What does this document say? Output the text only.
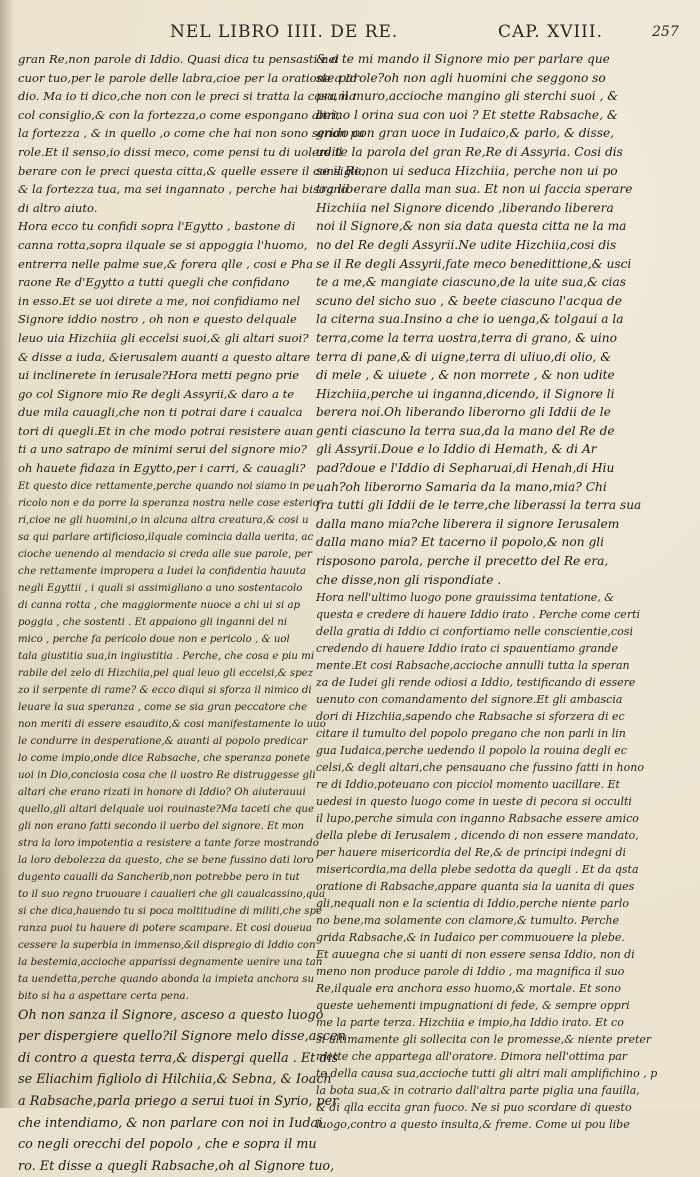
NEL LIBRO IIII. DE RE.	CAP. XVIII.	257

gran Re,non parole di Iddio. Quasi dica tu pensasti nel
cuor tuo,per le parole delle labra,cioe per la oratione a Id
dio. Ma io ti dico,che non con le preci si tratta la cosa,ma
col consiglio,& con la fortezza,o come espongano altri,
la fortezza , & in quello ,o come che hai non sono senon pa
role.Et il senso,io dissi meco, come pensi tu di uolere il
berare con le preci questa citta,& quelle essere il consiglio,
& la fortezza tua, ma sei ingannato , perche hai bisogno
di altro aiuto.
Hora ecco tu confidi sopra l'Egytto , bastone di
canna rotta,sopra ilquale se si appoggia l'huomo,
entrerra nelle palme sue,& forera qlle , cosi e Pha
raone Re d'Egytto a tutti quegli che confidano
in esso.Et se uoi direte a me, noi confidiamo nel
Signore iddio nostro , oh non e questo delquale
leuo uia Hizchiia gli eccelsi suoi,& gli altari suoi?
& disse a iuda, &ierusalem auanti a questo altare
ui inclinerete in ierusale?Hora metti pegno prie
go col Signore mio Re degli Assyrii,& daro a te
due mila cauagli,che non ti potrai dare i caualca
tori di quegli.Et in che modo potrai resistere auan
ti a uno satrapo de minimi serui del signore mio?
oh hauete fidaza in Egytto,per i carri, & cauagli?

Et questo dice rettamente,perche quando noi siamo in pe
ricolo non e da porre la speranza nostra nelle cose esterio
ri,cioe ne gli huomini,o in alcuna altra creatura,& cosi u
sa qui parlare artificioso,ilquale comincia dalla uerita, ac
cioche uenendo al mendacio si creda alle sue parole, per
che rettamente impropera a Iudei la confidentia hauuta
negli Egyttii , i quali si assimigliano a uno sostentacolo
di canna rotta , che maggiormente nuoce a chi ui si ap
poggia , che sostenti . Et appaiono gli inganni del ni
mico , perche fa pericolo doue non e pericolo , & uol
tala giustitia sua,in ingiustitia . Perche, che cosa e piu mi
rabile del zelo di Hizchiia,pel qual leuo gli eccelsi,& spez
zo il serpente di rame? & ecco diqui si sforza il nimico di
leuare la sua speranza , come se sia gran peccatore che
non meriti di essere esaudito,& cosi manifestamente lo uuo
le condurre in desperatione,& auanti al popolo predicar
lo come impio,onde dice Rabsache, che speranza ponete
uoi in Dio,conciosia cosa che il uostro Re distruggesse gli
altari che erano rizati in honore di Iddio? Oh aiuterauui
quello,gli altari delquale uoi rouinaste?Ma taceti che que
gli non erano fatti secondo il uerbo del signore. Et mon
stra la loro impotentia a resistere a tante forze mostrando
la loro debolezza da questo, che se bene fussino dati loro
dugento caualli da Sancherib,non potrebbe pero in tut
to il suo regno truouare i caualieri che gli caualcassino,qua
si che dica,hauendo tu si poca moltitudine di militi,che spe
ranza puoi tu hauere di potere scampare. Et cosi doueua
cessere la superbia in immenso,&il dispregio di Iddio con
la bestemia,accioche apparissi degnamente uenire una tan
ta uendetta,perche quando abonda la impieta anchora su
bito si ha a aspettare certa pena.

Oh non sanza il Signore, asceso a questo luogo
per dispergiere quello?il Signore melo disse,ascen
di contro a questa terra,& dispergi quella . Et dis
se Eliachim figliolo di Hilchiia,& Sebna, & Ioach
a Rabsache,parla priego a serui tuoi in Syrio, per
che intendiamo, & non parlare con noi in Iudai
co negli orecchi del popolo , che e sopra il mu
ro. Et disse a quegli Rabsache,oh al Signore tuo,

& a te mi mando il Signore mio per parlare que
ste parole?oh non agli huomini che seggono so
pra il muro,accioche mangino gli sterchi suoi , &
beino l orina sua con uoi ? Et stette Rabsache, &
grido con gran uoce in Iudaico,& parlo, & disse,
udite la parola del gran Re,Re di Assyria. Cosi dis
se il Re,non ui seduca Hizchiia, perche non ui po
tra liberare dalla man sua. Et non ui faccia sperare
Hizchiia nel Signore dicendo ,liberando liberera
noi il Signore,& non sia data questa citta ne la ma
no del Re degli Assyrii.Ne udite Hizchiia,cosi dis
se il Re degli Assyrii,fate meco benedittione,& usci
te a me,& mangiate ciascuno,de la uite sua,& cias
scuno del sicho suo , & beete ciascuno l'acqua de
la citerna sua.Insino a che io uenga,& tolgaui a la
terra,come la terra uostra,terra di grano, & uino
terra di pane,& di uigne,terra di uliuo,di olio, &
di mele , & uiuete , & non morrete , & non udite
Hizchiia,perche ui inganna,dicendo, il Signore li
berera noi.Oh liberando liberorno gli Iddii de le
genti ciascuno la terra sua,da la mano del Re de
gli Assyrii.Doue e lo Iddio di Hemath, & di Ar
pad?doue e l'Iddio di Sepharuai,di Henah,di Hiu
uah?oh liberorno Samaria da la mano,mia? Chi
fra tutti gli Iddii de le terre,che liberassi la terra sua
dalla mano mia?che liberera il signore Ierusalem
dalla mano mia? Et tacerno il popolo,& non gli
risposono parola, perche il precetto del Re era,
che disse,non gli rispondiate .

Hora nell'ultimo luogo pone grauissima tentatione, &
questa e credere di hauere Iddio irato . Perche come certi
della gratia di Iddio ci confortiamo nelle conscientie,cosi
credendo di hauere Iddio irato ci spauentiamo grande
mente.Et cosi Rabsache,accioche annulli tutta la speran
za de Iudei gli rende odiosi a Iddio, testificando di essere
uenuto con comandamento del signore.Et gli ambascia
dori di Hizchiia,sapendo che Rabsache si sforzera di ec
citare il tumulto del popolo pregano che non parli in lin
gua Iudaica,perche uedendo il popolo la rouina degli ec
celsi,& degli altari,che pensauano che fussino fatti in hono
re di Iddio,poteuano con picciol momento uacillare. Et
uedesi in questo luogo come in ueste di pecora si occulti
il lupo,perche simula con inganno Rabsache essere amico
della plebe di Ierusalem , dicendo di non essere mandato,
per hauere misericordia del Re,& de principi indegni di
misericordia,ma della plebe sedotta da quegli . Et da qsta
oratione di Rabsache,appare quanta sia la uanita di ques
gli,nequali non e la scientia di Iddio,perche niente parlo
no bene,ma solamente con clamore,& tumulto. Perche
grida Rabsache,& in Iudaico per commuouere la plebe.
Et auuegna che si uanti di non essere sensa Iddio, non di
meno non produce parole di Iddio , ma magnifica il suo
Re,ilquale era anchora esso huomo,& mortale. Et sono
queste uehementi impugnationi di fede, & sempre oppri
me la parte terza. Hizchiia e impio,ha Iddio irato. Et co
si ultimamente gli sollecita con le promesse,& niente preter
mette che appartega all'oratore. Dimora nell'ottima par
te della causa sua,accioche tutti gli altri mali amplifichino , p
la bota sua,& in cotrario dall'altra parte piglia una fauilla,
& di qlla eccita gran fuoco. Ne si puo scordare di questo
luogo,contro a questo insulta,& freme. Come ui pou libe
